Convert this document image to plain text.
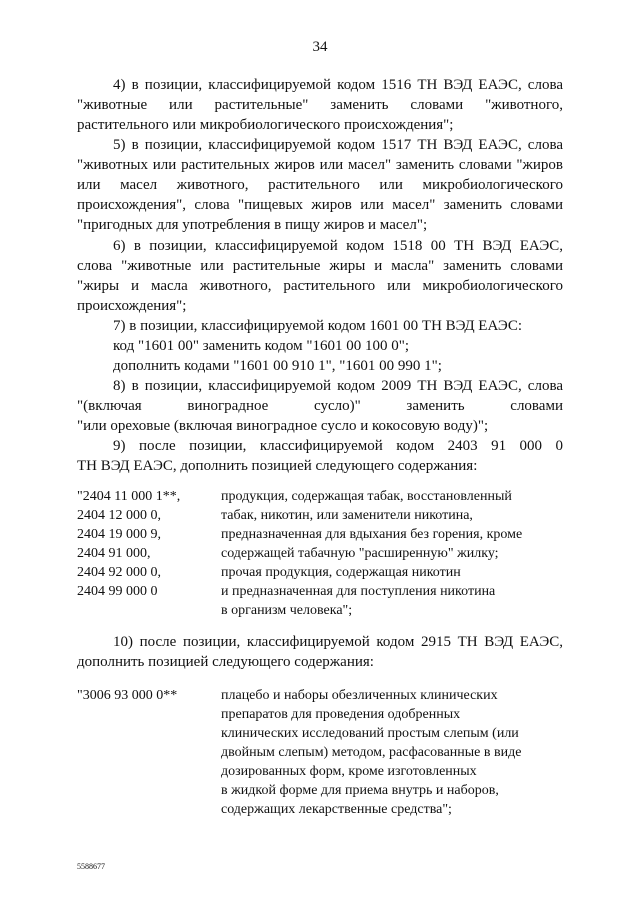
34
4) в позиции, классифицируемой кодом 1516 ТН ВЭД ЕАЭС, слова
"животные или растительные" заменить словами "животного,
растительного или микробиологического происхождения";
5) в позиции, классифицируемой кодом 1517 ТН ВЭД ЕАЭС, слова
"животных или растительных жиров или масел" заменить словами "жиров
или масел животного, растительного или микробиологического
происхождения", слова "пищевых жиров или масел" заменить словами
"пригодных для употребления в пищу жиров и масел";
6) в позиции, классифицируемой кодом 1518 00 ТН ВЭД ЕАЭС,
слова "животные или растительные жиры и масла" заменить словами
"жиры и масла животного, растительного или микробиологического
происхождения";
7) в позиции, классифицируемой кодом 1601 00 ТН ВЭД ЕАЭС:
код "1601 00" заменить кодом "1601 00 100 0";
дополнить кодами "1601 00 910 1", "1601 00 990 1";
8) в позиции, классифицируемой кодом 2009 ТН ВЭД ЕАЭС, слова
"(включая виноградное сусло)" заменить словами
"или ореховые (включая виноградное сусло и кокосовую воду)";
9) после позиции, классифицируемой кодом 2403 91 000 0
ТН ВЭД ЕАЭС, дополнить позицией следующего содержания:
"2404 11 000 1**,
2404 12 000 0,
2404 19 000 9,
2404 91 000,
2404 92 000 0,
2404 99 000 0
продукция, содержащая табак, восстановленный
табак, никотин, или заменители никотина,
предназначенная для вдыхания без горения, кроме
содержащей табачную "расширенную" жилку;
прочая продукция, содержащая никотин
и предназначенная для поступления никотина
в организм человека";
10) после позиции, классифицируемой кодом 2915 ТН ВЭД ЕАЭС,
дополнить позицией следующего содержания:
"3006 93 000 0**	плацебо и наборы обезличенных клинических
препаратов для проведения одобренных
клинических исследований простым слепым (или
двойным слепым) методом, расфасованные в виде
дозированных форм, кроме изготовленных
в жидкой форме для приема внутрь и наборов,
содержащих лекарственные средства";
5588677
